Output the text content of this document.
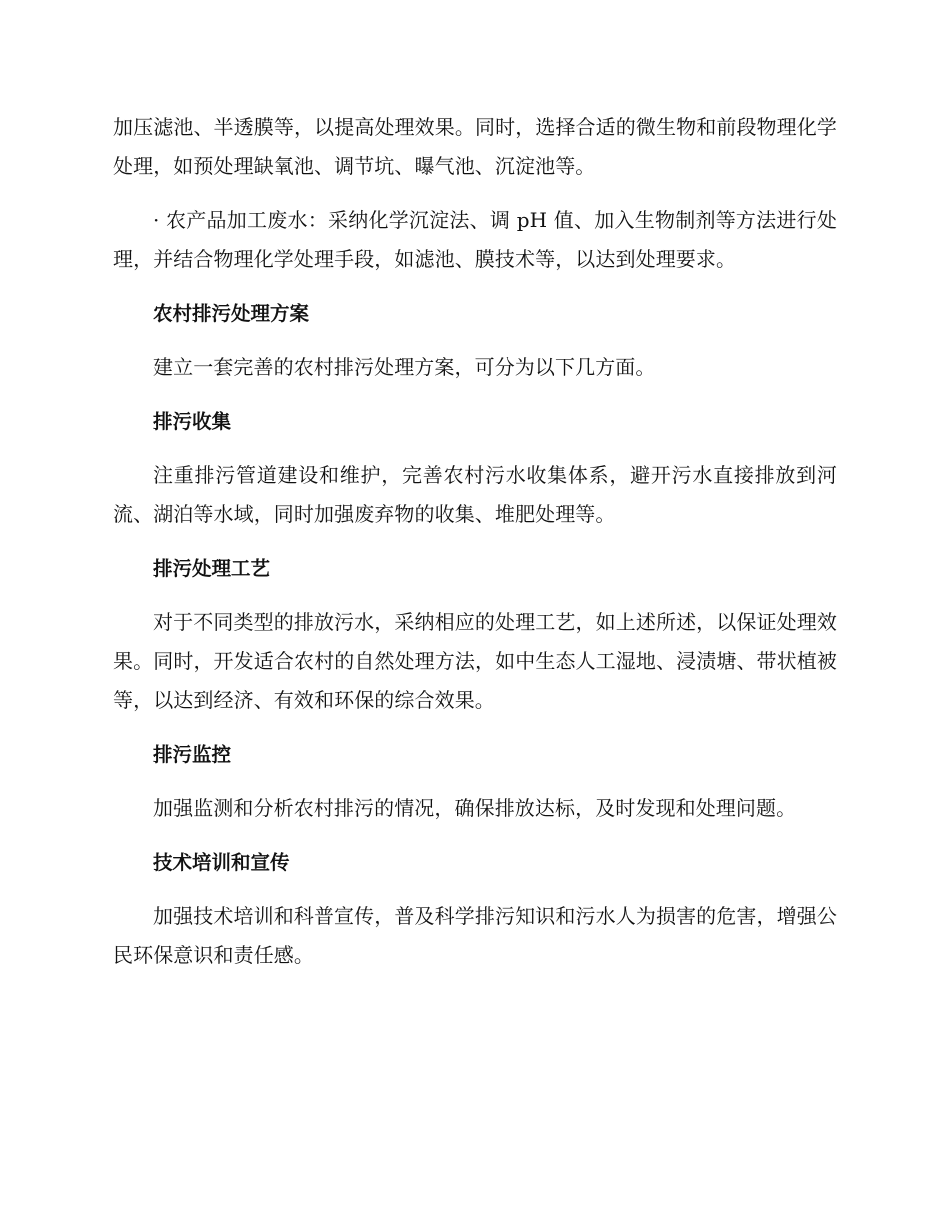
加压滤池、半透膜等，以提高处理效果。同时，选择合适的微生物和前段物理化学处理，如预处理缺氧池、调节坑、曝气池、沉淀池等。

· 农产品加工废水：采纳化学沉淀法、调 pH 值、加入生物制剂等方法进行处理，并结合物理化学处理手段，如滤池、膜技术等，以达到处理要求。

农村排污处理方案

建立一套完善的农村排污处理方案，可分为以下几方面。

排污收集

注重排污管道建设和维护，完善农村污水收集体系，避开污水直接排放到河流、湖泊等水域，同时加强废弃物的收集、堆肥处理等。

排污处理工艺

对于不同类型的排放污水，采纳相应的处理工艺，如上述所述，以保证处理效果。同时，开发适合农村的自然处理方法，如中生态人工湿地、浸渍塘、带状植被等，以达到经济、有效和环保的综合效果。

排污监控

加强监测和分析农村排污的情况，确保排放达标，及时发现和处理问题。

技术培训和宣传

加强技术培训和科普宣传，普及科学排污知识和污水人为损害的危害，增强公民环保意识和责任感。
